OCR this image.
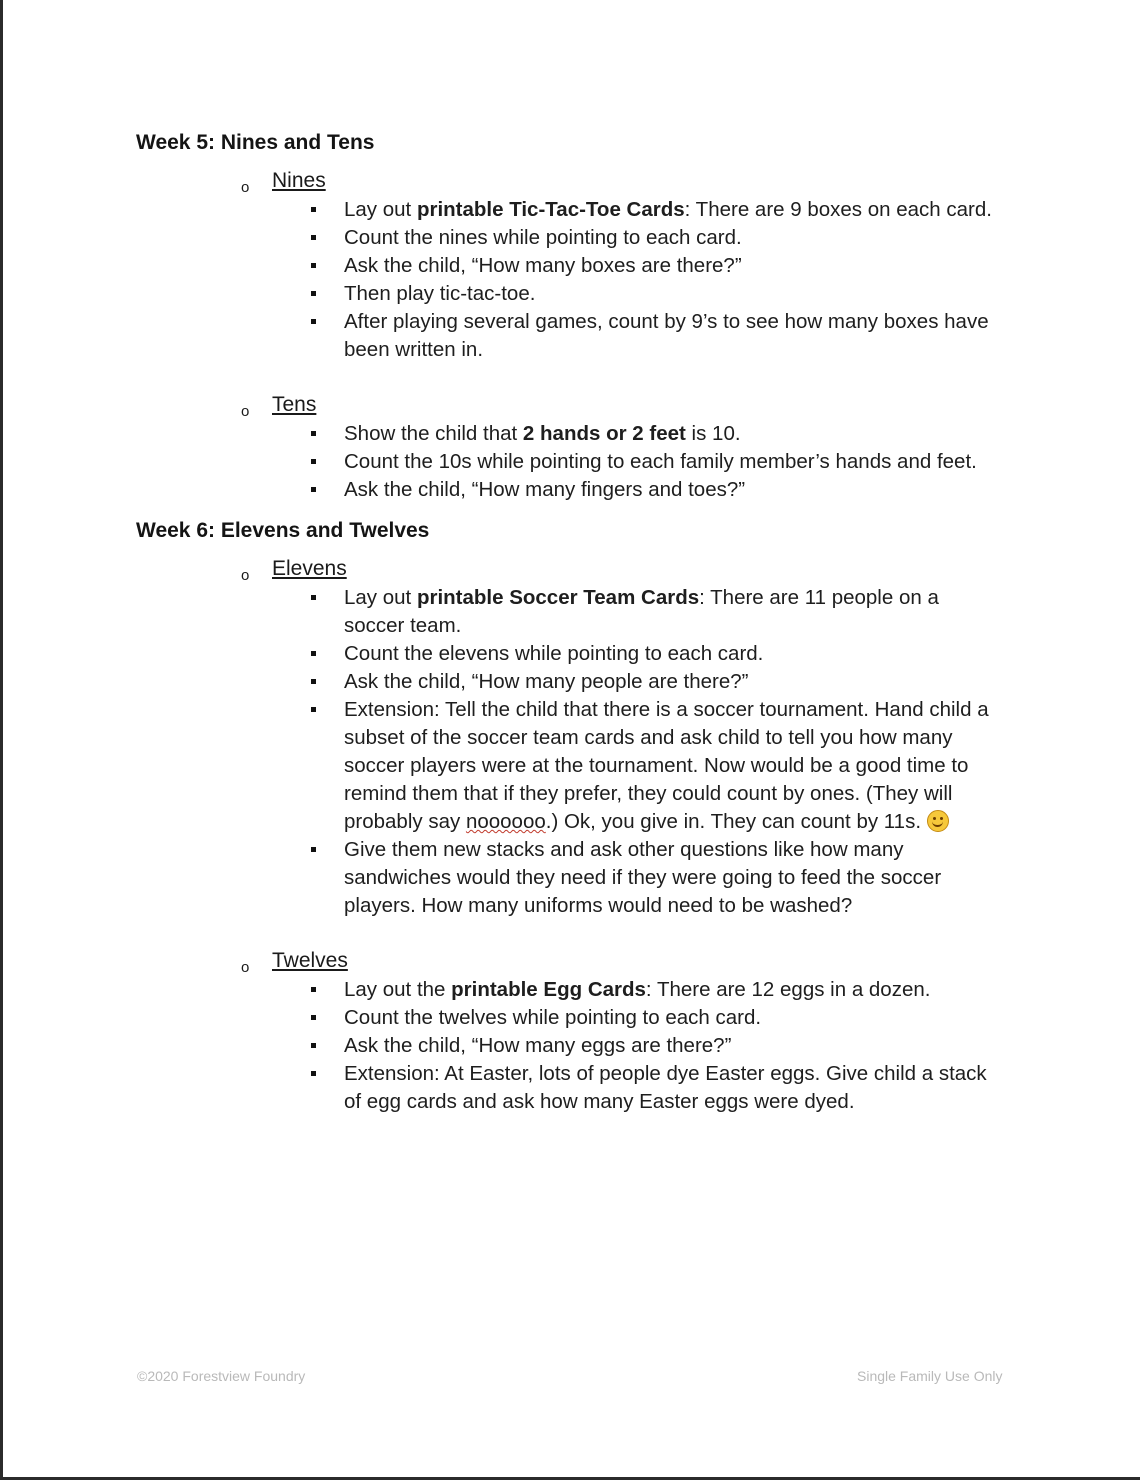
Week 5: Nines and Tens
o Nines
Lay out printable Tic-Tac-Toe Cards: There are 9 boxes on each card.
Count the nines while pointing to each card.
Ask the child, “How many boxes are there?”
Then play tic-tac-toe.
After playing several games, count by 9’s to see how many boxes have been written in.
o Tens
Show the child that 2 hands or 2 feet is 10.
Count the 10s while pointing to each family member’s hands and feet.
Ask the child, “How many fingers and toes?”
Week 6: Elevens and Twelves
o Elevens
Lay out printable Soccer Team Cards: There are 11 people on a soccer team.
Count the elevens while pointing to each card.
Ask the child, “How many people are there?”
Extension: Tell the child that there is a soccer tournament. Hand child a subset of the soccer team cards and ask child to tell you how many soccer players were at the tournament. Now would be a good time to remind them that if they prefer, they could count by ones. (They will probably say noooooo.) Ok, you give in. They can count by 11s.
Give them new stacks and ask other questions like how many sandwiches would they need if they were going to feed the soccer players. How many uniforms would need to be washed?
o Twelves
Lay out the printable Egg Cards: There are 12 eggs in a dozen.
Count the twelves while pointing to each card.
Ask the child, “How many eggs are there?”
Extension: At Easter, lots of people dye Easter eggs. Give child a stack of egg cards and ask how many Easter eggs were dyed.
©2020 Forestview Foundry	Single Family Use Only
